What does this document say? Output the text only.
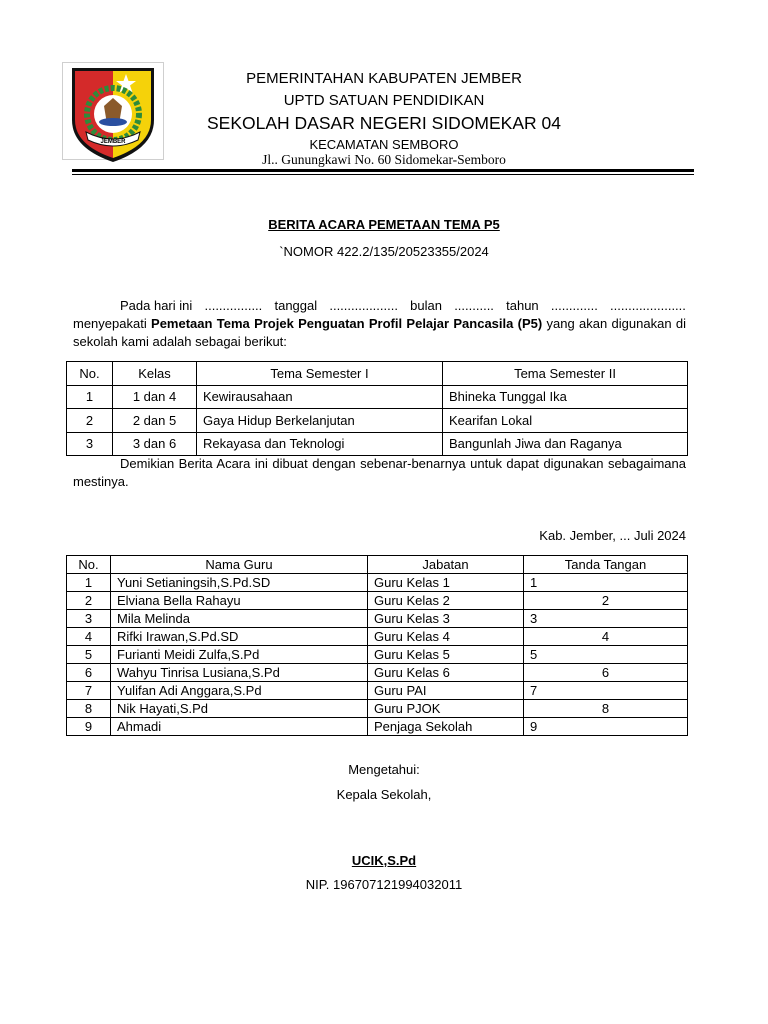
JEMBER
PEMERINTAHAN KABUPATEN JEMBER
UPTD SATUAN PENDIDIKAN
SEKOLAH DASAR NEGERI SIDOMEKAR 04
KECAMATAN SEMBORO
Jl.. Gunungkawi No. 60 Sidomekar-Semboro
BERITA ACARA PEMETAAN TEMA P5
`NOMOR 422.2/135/20523355/2024
Pada hari ini ................ tanggal ................... bulan ........... tahun ............. .....................
menyepakati Pemetaan Tema Projek Penguatan Profil Pelajar Pancasila (P5) yang akan digunakan di sekolah kami adalah sebagai berikut:
No.	Kelas	Tema Semester I	Tema Semester II
1	1 dan 4	Kewirausahaan	Bhineka Tunggal Ika
2	2 dan 5	Gaya Hidup Berkelanjutan	Kearifan Lokal
3	3 dan 6	Rekayasa dan Teknologi	Bangunlah Jiwa dan Raganya
Demikian Berita Acara ini dibuat dengan sebenar-benarnya untuk dapat digunakan sebagaimana mestinya.
Kab. Jember, ... Juli 2024
No.	Nama Guru	Jabatan	Tanda Tangan
1	Yuni Setianingsih,S.Pd.SD	Guru Kelas 1	1
2	Elviana Bella Rahayu	Guru Kelas 2	2
3	Mila Melinda	Guru Kelas 3	3
4	Rifki Irawan,S.Pd.SD	Guru Kelas 4	4
5	Furianti Meidi Zulfa,S.Pd	Guru Kelas 5	5
6	Wahyu Tinrisa Lusiana,S.Pd	Guru Kelas 6	6
7	Yulifan Adi Anggara,S.Pd	Guru PAI	7
8	Nik Hayati,S.Pd	Guru PJOK	8
9	Ahmadi	Penjaga Sekolah	9
Mengetahui:
Kepala Sekolah,
UCIK,S.Pd
NIP. 196707121994032011
